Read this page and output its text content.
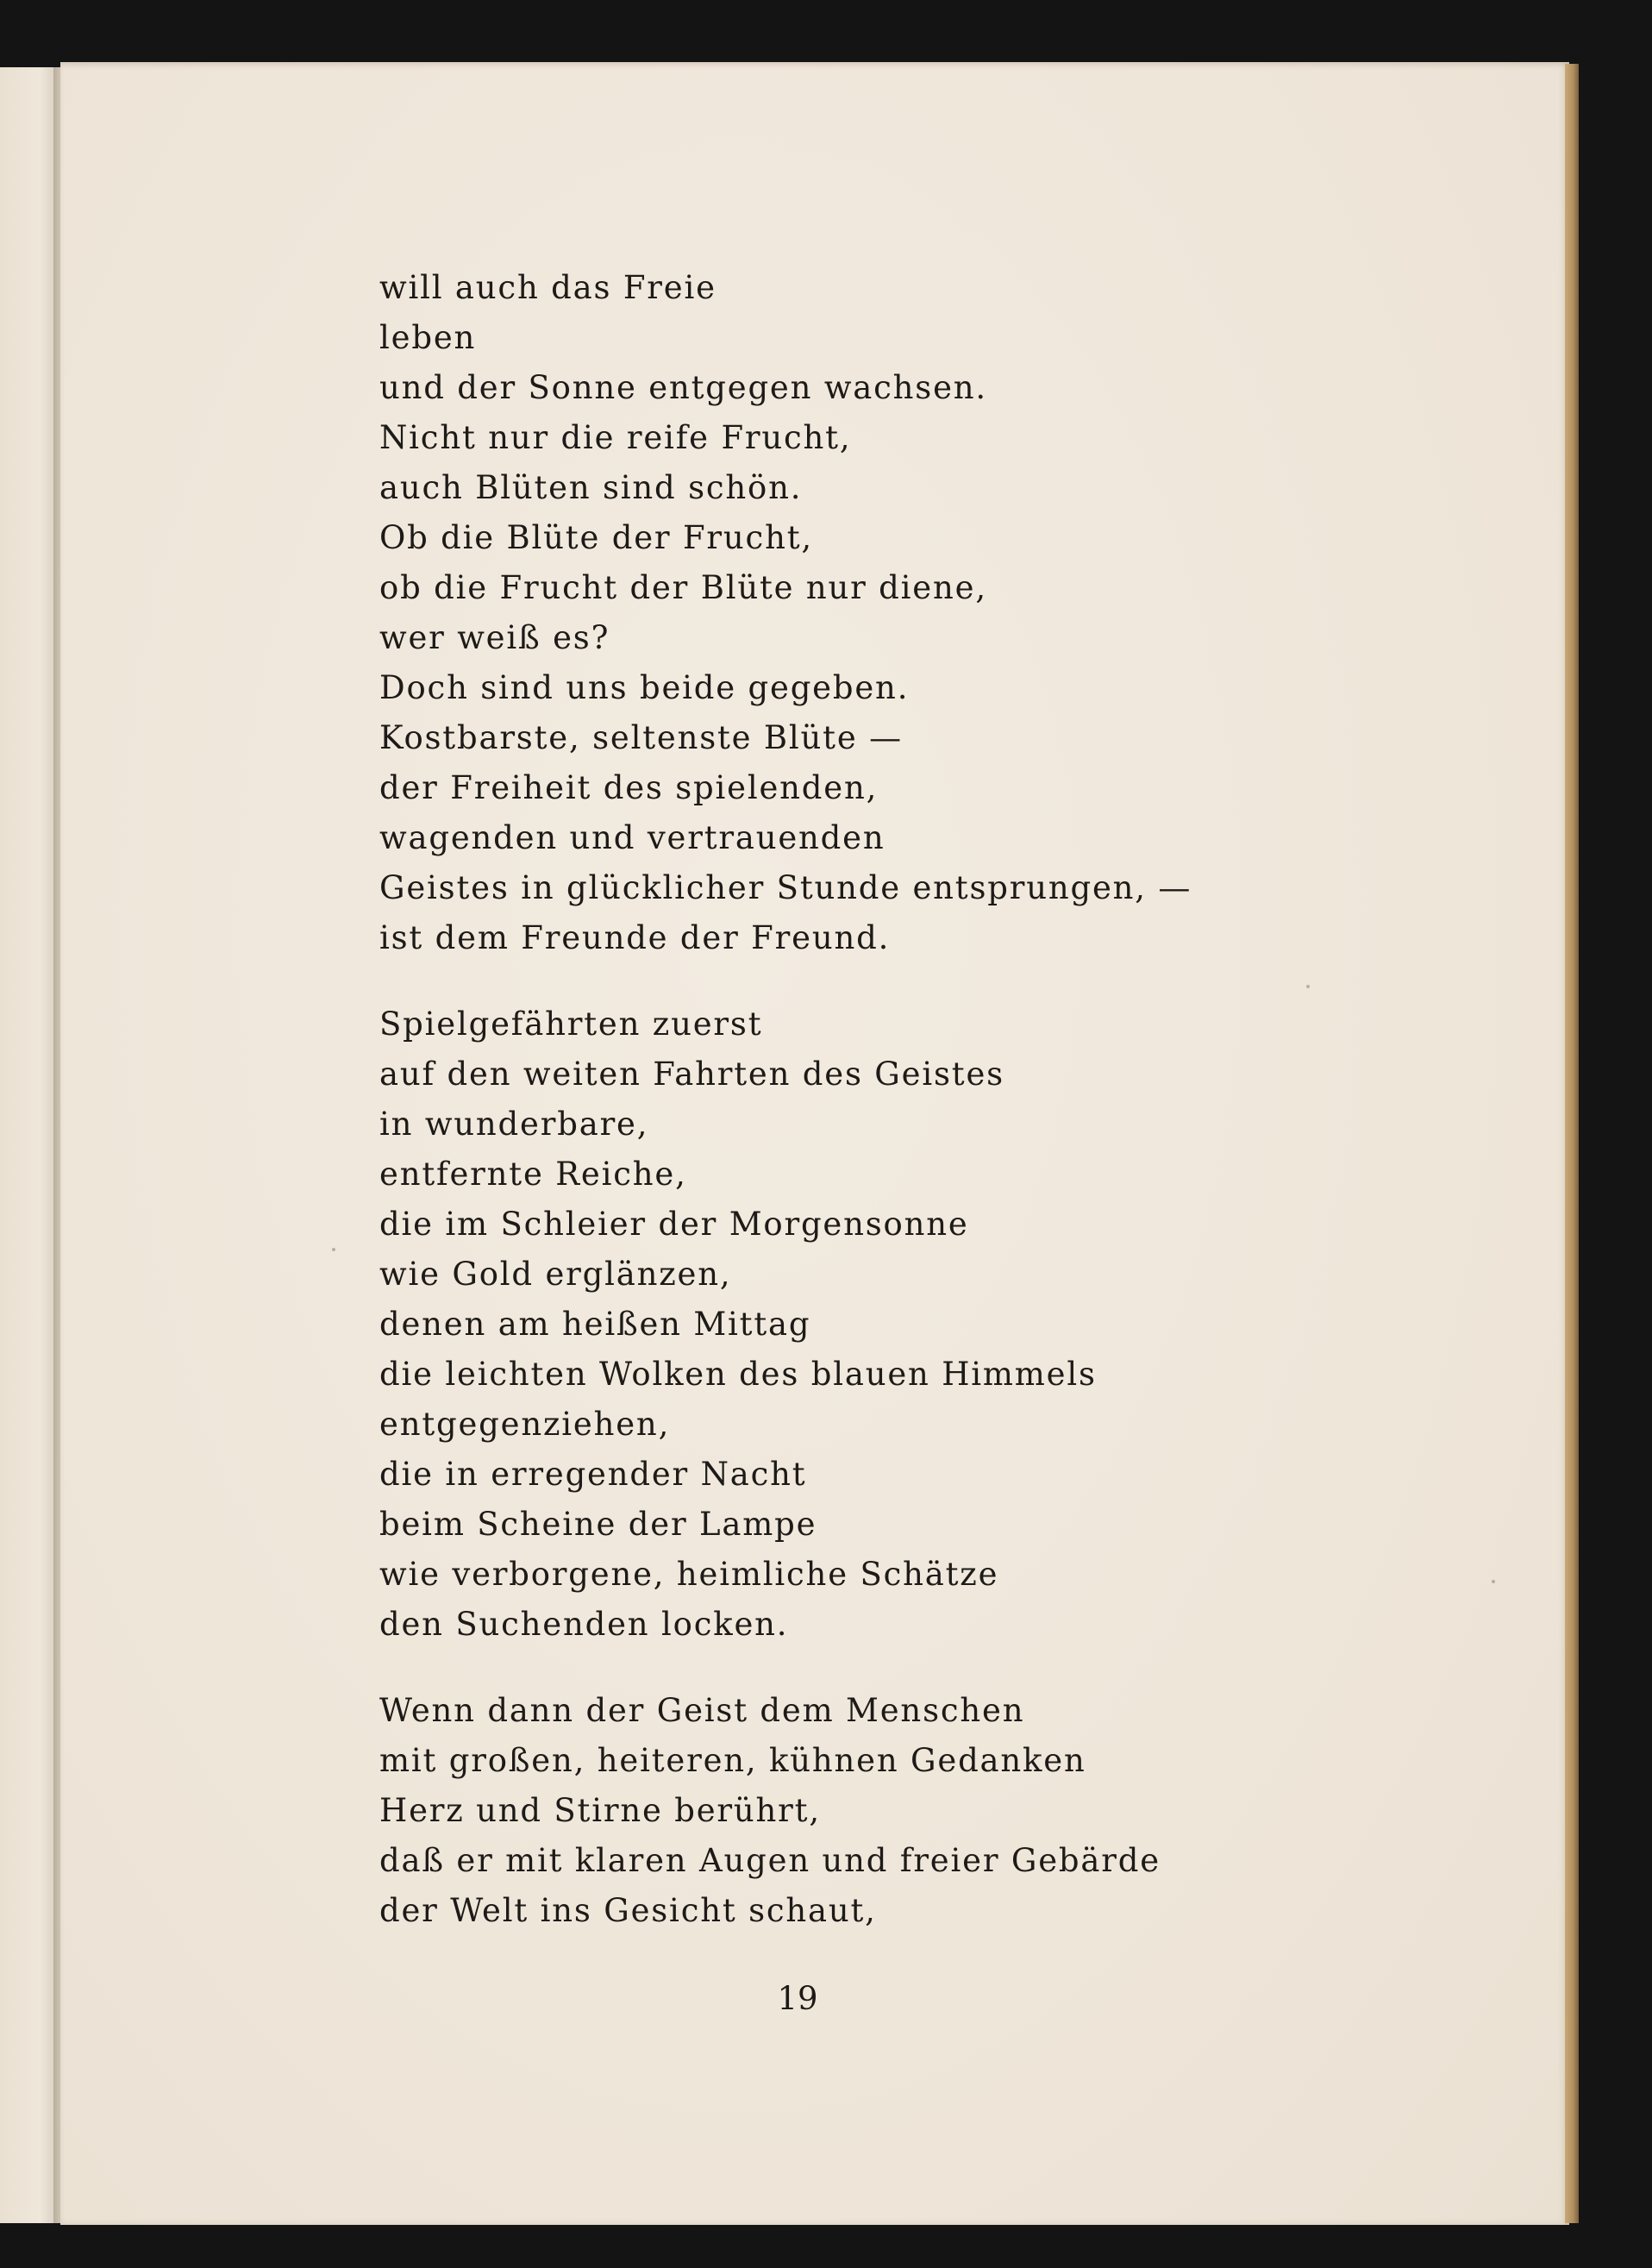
will auch das Freie
leben
und der Sonne entgegen wachsen.
Nicht nur die reife Frucht,
auch Blüten sind schön.
Ob die Blüte der Frucht,
ob die Frucht der Blüte nur diene,
wer weiß es?
Doch sind uns beide gegeben.
Kostbarste, seltenste Blüte —
der Freiheit des spielenden,
wagenden und vertrauenden
Geistes in glücklicher Stunde entsprungen, —
ist dem Freunde der Freund.
Spielgefährten zuerst
auf den weiten Fahrten des Geistes
in wunderbare,
entfernte Reiche,
die im Schleier der Morgensonne
wie Gold erglänzen,
denen am heißen Mittag
die leichten Wolken des blauen Himmels
entgegenziehen,
die in erregender Nacht
beim Scheine der Lampe
wie verborgene, heimliche Schätze
den Suchenden locken.
Wenn dann der Geist dem Menschen
mit großen, heiteren, kühnen Gedanken
Herz und Stirne berührt,
daß er mit klaren Augen und freier Gebärde
der Welt ins Gesicht schaut,
19
